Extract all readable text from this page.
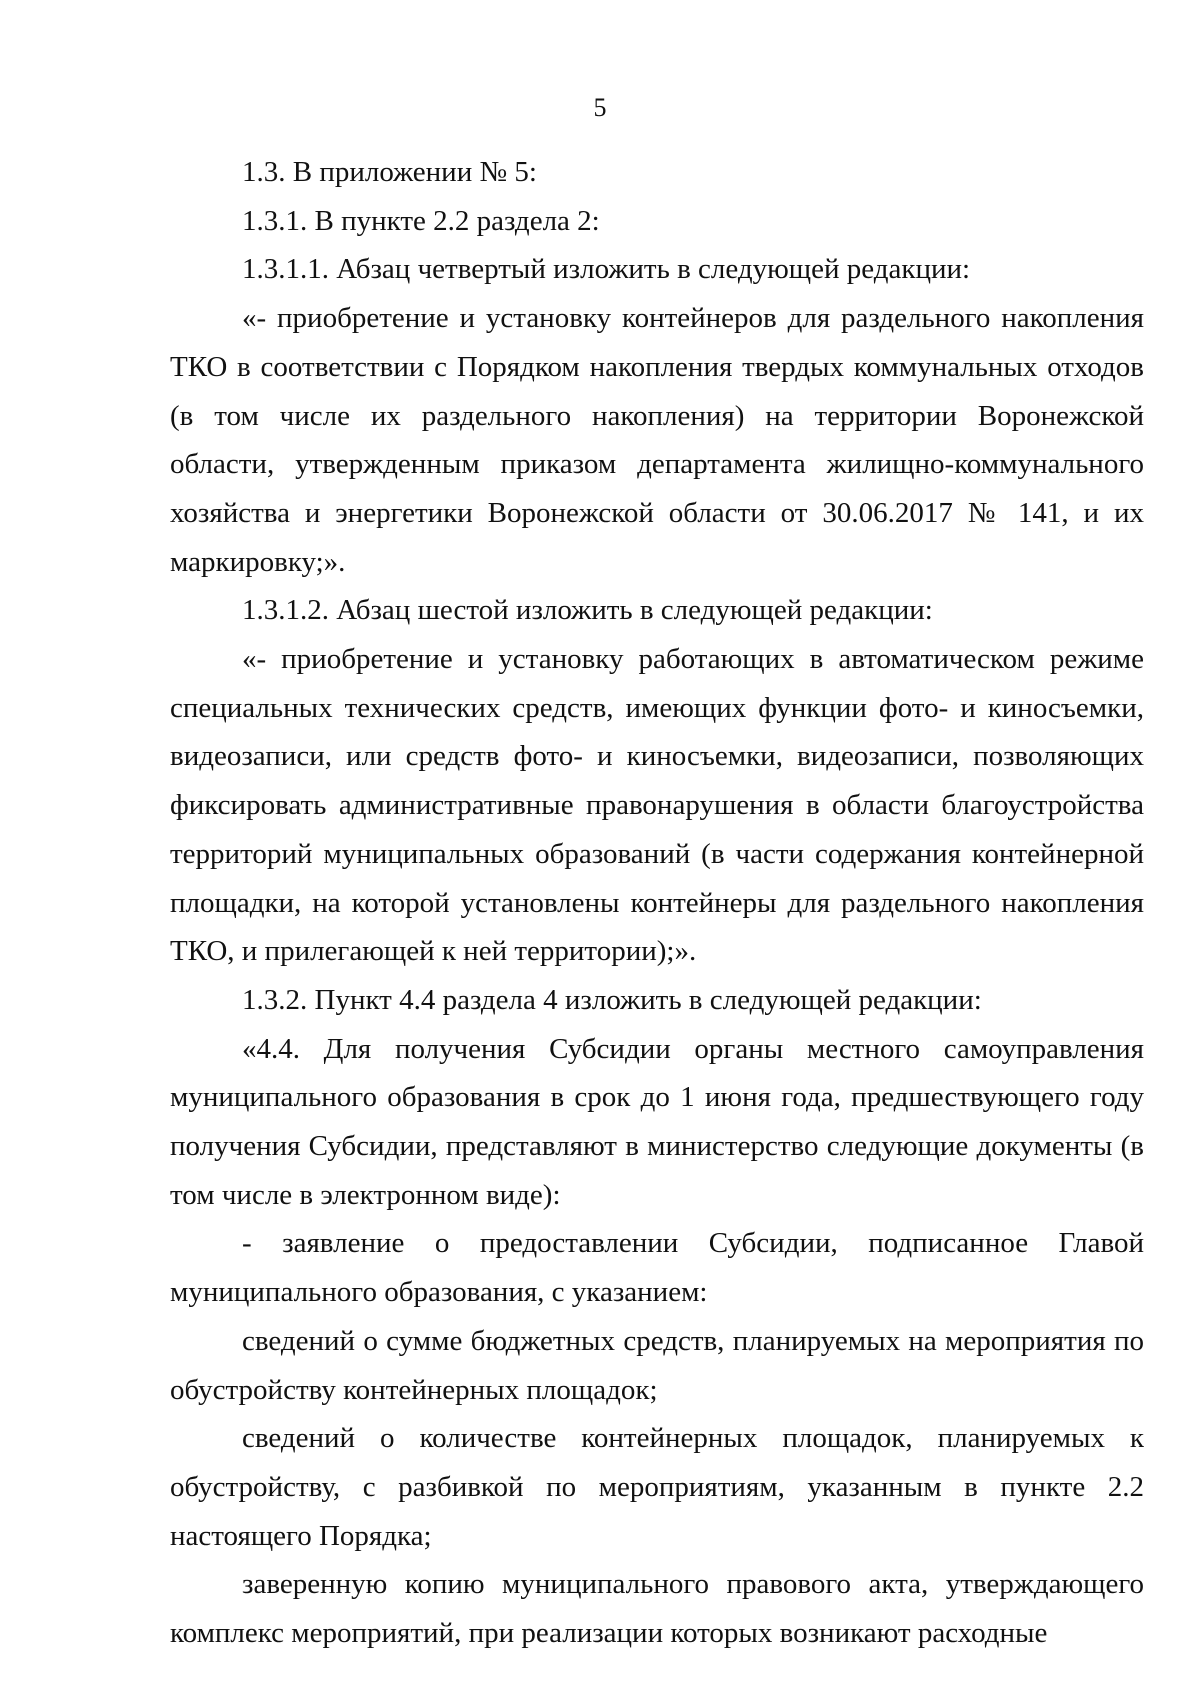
5

1.3. В приложении № 5:

1.3.1. В пункте 2.2 раздела 2:

1.3.1.1. Абзац четвертый изложить в следующей редакции:

«- приобретение и установку контейнеров для раздельного накопления ТКО в соответствии с Порядком накопления твердых коммунальных отходов (в том числе их раздельного накопления) на территории Воронежской области, утвержденным приказом департамента жилищно-коммунального хозяйства и энергетики Воронежской области от 30.06.2017 № 141, и их маркировку;».

1.3.1.2. Абзац шестой изложить в следующей редакции:

«- приобретение и установку работающих в автоматическом режиме специальных технических средств, имеющих функции фото- и киносъемки, видеозаписи, или средств фото- и киносъемки, видеозаписи, позволяющих фиксировать административные правонарушения в области благоустройства территорий муниципальных образований (в части содержания контейнерной площадки, на которой установлены контейнеры для раздельного накопления ТКО, и прилегающей к ней территории);».

1.3.2. Пункт 4.4 раздела 4 изложить в следующей редакции:

«4.4. Для получения Субсидии органы местного самоуправления муниципального образования в срок до 1 июня года, предшествующего году получения Субсидии, представляют в министерство следующие документы (в том числе в электронном виде):

- заявление о предоставлении Субсидии, подписанное Главой муниципального образования, с указанием:

сведений о сумме бюджетных средств, планируемых на мероприятия по обустройству контейнерных площадок;

сведений о количестве контейнерных площадок, планируемых к обустройству, с разбивкой по мероприятиям, указанным в пункте 2.2 настоящего Порядка;

заверенную копию муниципального правового акта, утверждающего комплекс мероприятий, при реализации которых возникают расходные
